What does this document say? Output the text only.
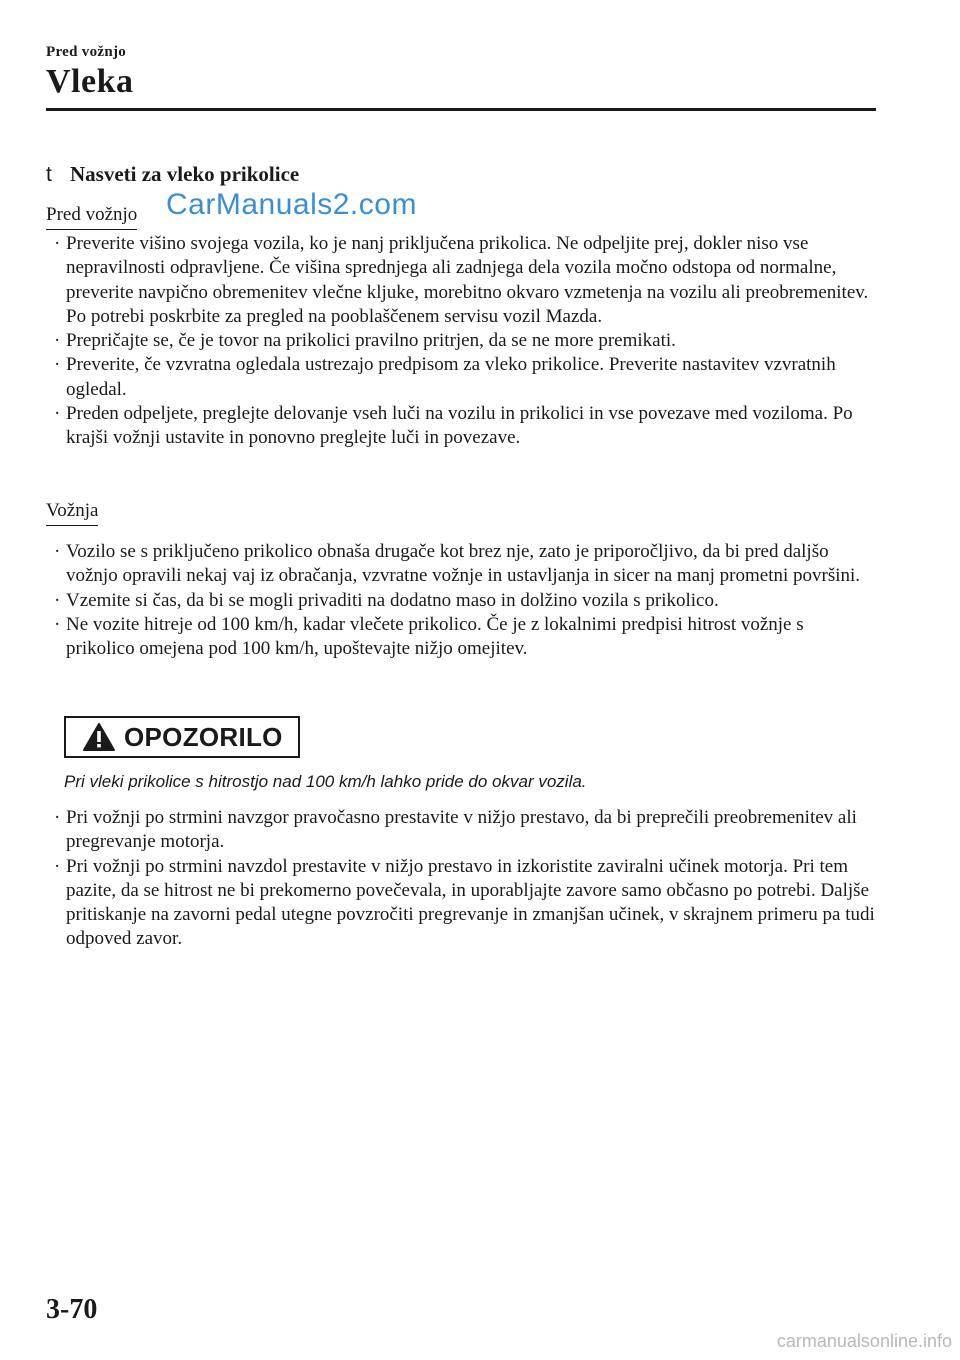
Pred vožnjo
Vleka
t Nasveti za vleko prikolice
Pred vožnjo CarManuals2.com
· Preverite višino svojega vozila, ko je nanj priključena prikolica. Ne odpeljite prej, dokler niso vse nepravilnosti odpravljene. Če višina sprednjega ali zadnjega dela vozila močno odstopa od normalne, preverite navpično obremenitev vlečne kljuke, morebitno okvaro vzmetenja na vozilu ali preobremenitev. Po potrebi poskrbite za pregled na pooblaščenem servisu vozil Mazda.
· Prepričajte se, če je tovor na prikolici pravilno pritrjen, da se ne more premikati.
· Preverite, če vzvratna ogledala ustrezajo predpisom za vleko prikolice. Preverite nastavitev vzvratnih ogledal.
· Preden odpeljete, preglejte delovanje vseh luči na vozilu in prikolici in vse povezave med voziloma. Po krajši vožnji ustavite in ponovno preglejte luči in povezave.
Vožnja
· Vozilo se s priključeno prikolico obnaša drugače kot brez nje, zato je priporočljivo, da bi pred daljšo vožnjo opravili nekaj vaj iz obračanja, vzvratne vožnje in ustavljanja in sicer na manj prometni površini.
· Vzemite si čas, da bi se mogli privaditi na dodatno maso in dolžino vozila s prikolico.
· Ne vozite hitreje od 100 km/h, kadar vlečete prikolico. Če je z lokalnimi predpisi hitrost vožnje s prikolico omejena pod 100 km/h, upoštevajte nižjo omejitev.
OPOZORILO
Pri vleki prikolice s hitrostjo nad 100 km/h lahko pride do okvar vozila.
· Pri vožnji po strmini navzgor pravočasno prestavite v nižjo prestavo, da bi preprečili preobremenitev ali pregrevanje motorja.
· Pri vožnji po strmini navzdol prestavite v nižjo prestavo in izkoristite zaviralni učinek motorja. Pri tem pazite, da se hitrost ne bi prekomerno povečevala, in uporabljajte zavore samo občasno po potrebi. Daljše pritiskanje na zavorni pedal utegne povzročiti pregrevanje in zmanjšan učinek, v skrajnem primeru pa tudi odpoved zavor.
3-70
carmanualsonline.info
